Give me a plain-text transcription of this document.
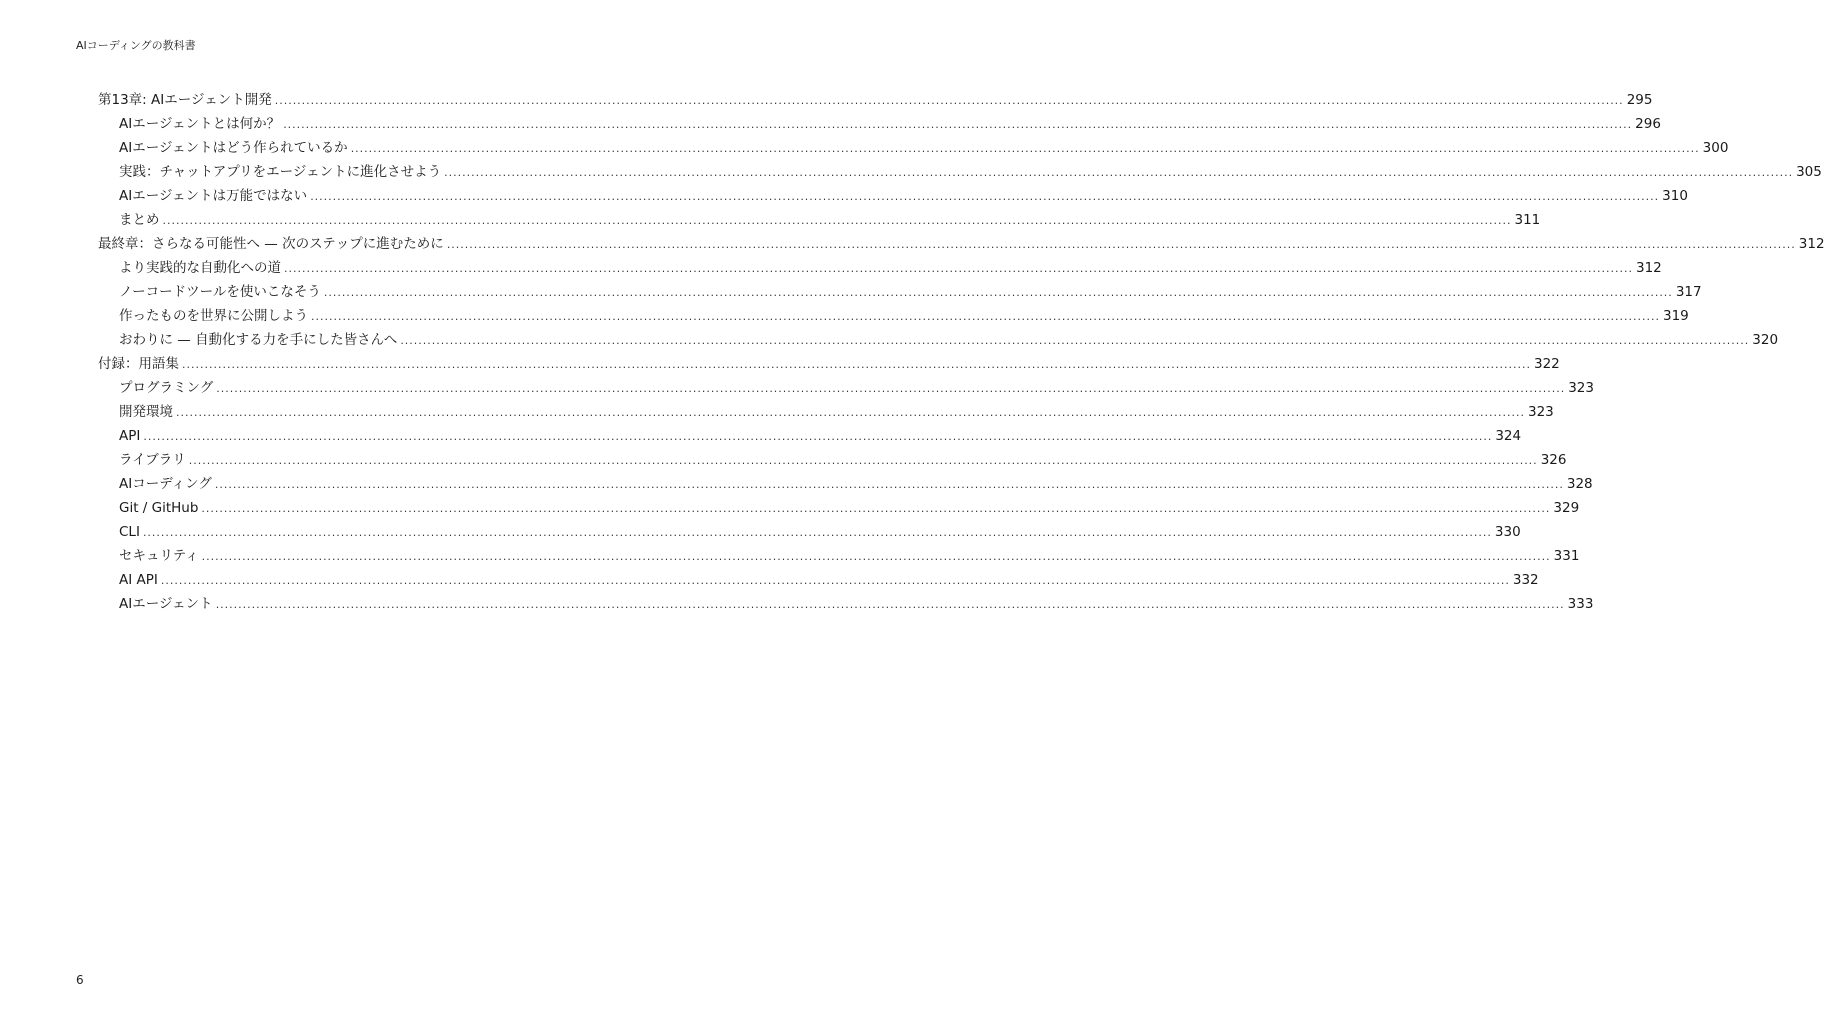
AIコーディングの教科書
第13章: AIエージェント開発 ............................................................................................................................................................................................................................................................................................................ 295
AIエージェントとは何か？ ............................................................................................................................................................................................................................................................................................................ 296
AIエージェントはどう作られているか ............................................................................................................................................................................................................................................................................................................ 300
実践：チャットアプリをエージェントに進化させよう ............................................................................................................................................................................................................................................................................................................ 305
AIエージェントは万能ではない ............................................................................................................................................................................................................................................................................................................ 310
まとめ ............................................................................................................................................................................................................................................................................................................ 311
最終章：さらなる可能性へ — 次のステップに進むために ............................................................................................................................................................................................................................................................................................................ 312
より実践的な自動化への道 ............................................................................................................................................................................................................................................................................................................ 312
ノーコードツールを使いこなそう ............................................................................................................................................................................................................................................................................................................ 317
作ったものを世界に公開しよう ............................................................................................................................................................................................................................................................................................................ 319
おわりに — 自動化する力を手にした皆さんへ ............................................................................................................................................................................................................................................................................................................ 320
付録：用語集 ............................................................................................................................................................................................................................................................................................................ 322
プログラミング ............................................................................................................................................................................................................................................................................................................ 323
開発環境 ............................................................................................................................................................................................................................................................................................................ 323
API ............................................................................................................................................................................................................................................................................................................ 324
ライブラリ ............................................................................................................................................................................................................................................................................................................ 326
AIコーディング ............................................................................................................................................................................................................................................................................................................ 328
Git / GitHub ............................................................................................................................................................................................................................................................................................................ 329
CLI ............................................................................................................................................................................................................................................................................................................ 330
セキュリティ ............................................................................................................................................................................................................................................................................................................ 331
AI API ............................................................................................................................................................................................................................................................................................................ 332
AIエージェント ............................................................................................................................................................................................................................................................................................................ 333
6
